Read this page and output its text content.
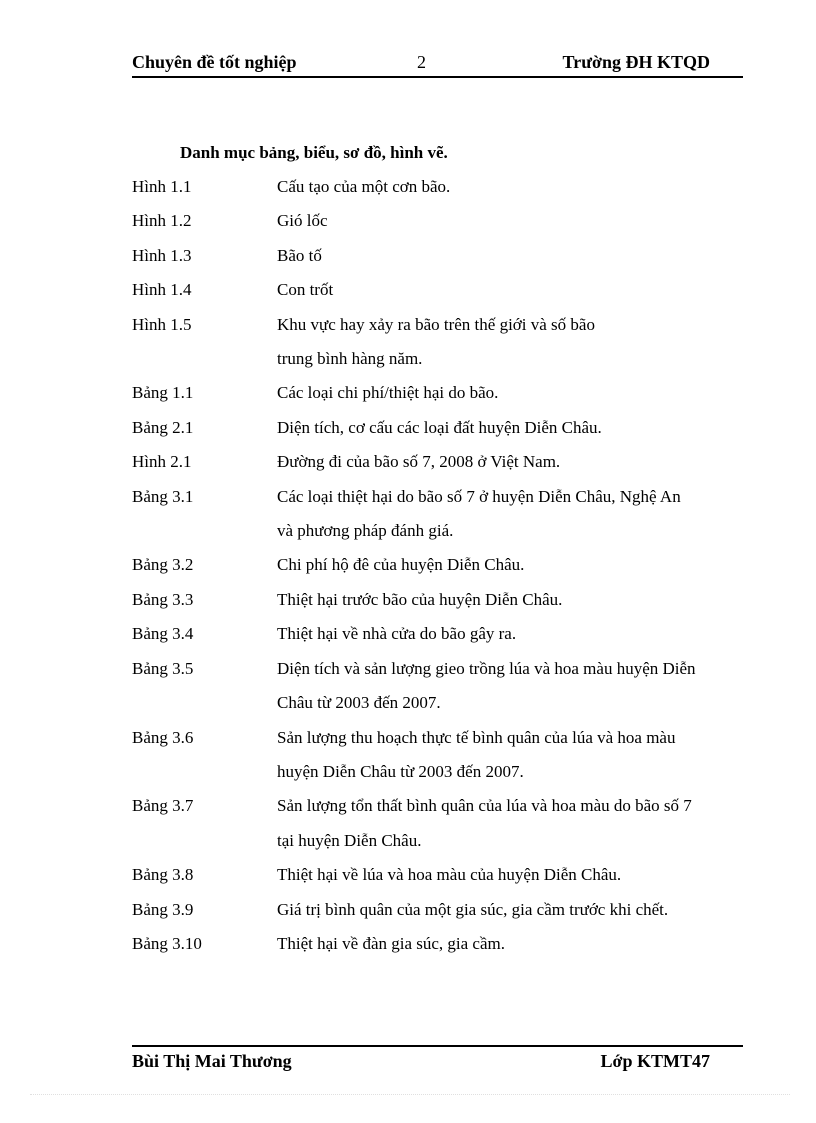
Chuyên đề tốt nghiệp	2	Trường ĐH KTQD
Danh mục bảng, biểu, sơ đồ, hình vẽ.
Hình 1.1	Cấu tạo của một cơn bão.
Hình 1.2	Gió lốc
Hình 1.3	Bão tố
Hình 1.4	Con trốt
Hình 1.5	Khu vực hay xảy ra bão trên thế giới và số bão
trung bình hàng năm.
Bảng 1.1	Các loại chi phí/thiệt hại do bão.
Bảng 2.1	Diện tích, cơ cấu các loại đất huyện Diễn Châu.
Hình 2.1	Đường đi của bão số 7, 2008 ở Việt Nam.
Bảng 3.1	Các loại thiệt hại do bão số 7 ở huyện Diễn Châu, Nghệ An
và phương pháp đánh giá.
Bảng 3.2	Chi phí hộ đê của huyện Diễn Châu.
Bảng 3.3	Thiệt hại trước bão của huyện Diễn Châu.
Bảng 3.4	Thiệt hại về nhà cửa do bão gây ra.
Bảng 3.5	Diện tích và sản lượng gieo trồng lúa và hoa màu huyện Diễn
Châu từ 2003 đến 2007.
Bảng 3.6	Sản lượng thu hoạch thực tế bình quân của lúa và hoa màu
huyện Diễn Châu từ 2003 đến 2007.
Bảng 3.7	Sản lượng tổn thất bình quân của lúa và hoa màu do bão số 7
tại huyện Diễn Châu.
Bảng 3.8	Thiệt hại về lúa và hoa màu của huyện Diễn Châu.
Bảng 3.9	Giá trị bình quân của một gia súc, gia cầm trước khi chết.
Bảng 3.10	Thiệt hại về đàn gia súc, gia cầm.
Bùi Thị Mai Thương	Lớp KTMT47
